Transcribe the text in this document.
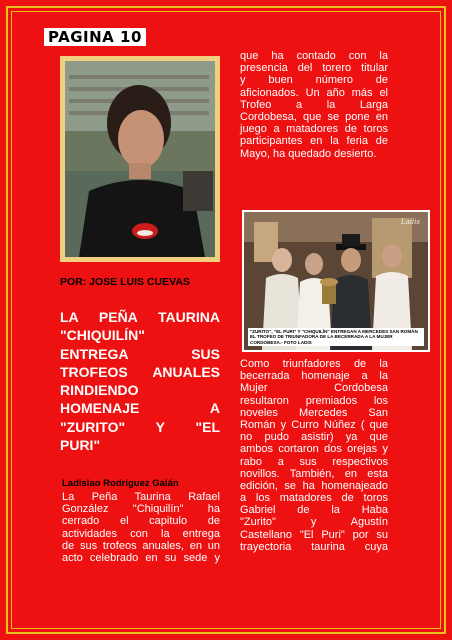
PAGINA 10
POR: JOSE LUIS CUEVAS
LA PEÑA TAURINA
"CHIQUILÍN"
ENTREGA SUS
TROFEOS ANUALES
RINDIENDO
HOMENAJE A
"ZURITO" Y "EL
PURI"
Ladislao Rodríguez Galán
La Peña Taurina Rafael
González "Chiquilín" ha
cerrado el capitulo de
actividades con la entrega
de sus trofeos anuales, en un
acto celebrado en su sede y
que ha contado con la
presencia del torero titular
y buen número de
aficionados. Un año más el
Trofeo a la Larga
Cordobesa, que se pone en
juego a matadores de toros
participantes en la feria de
Mayo, ha quedado desierto.
Ladis
"ZURITO", "EL PURI" Y "CHIQUILÍN" ENTREGAN A MERCEDES SAN ROMÁN EL TROFEO DE TRIUNFADORA DE LA BECERRADA A LA MUJER CORDOBESA.- FOTO LADIS
Como triunfadores de la
becerrada homenaje a la
Mujer Cordobesa
resultaron premiados los
noveles Mercedes San
Román y Curro Núñez ( que
no pudo asistir) ya que
ambos cortaron dos orejas y
rabo a sus respectivos
novillos. También, en esta
edición, se ha homenajeado
a los matadores de toros
Gabriel de la Haba
"Zurito" y Agustín
Castellano "El Puri" por su
trayectoria taurina cuya
